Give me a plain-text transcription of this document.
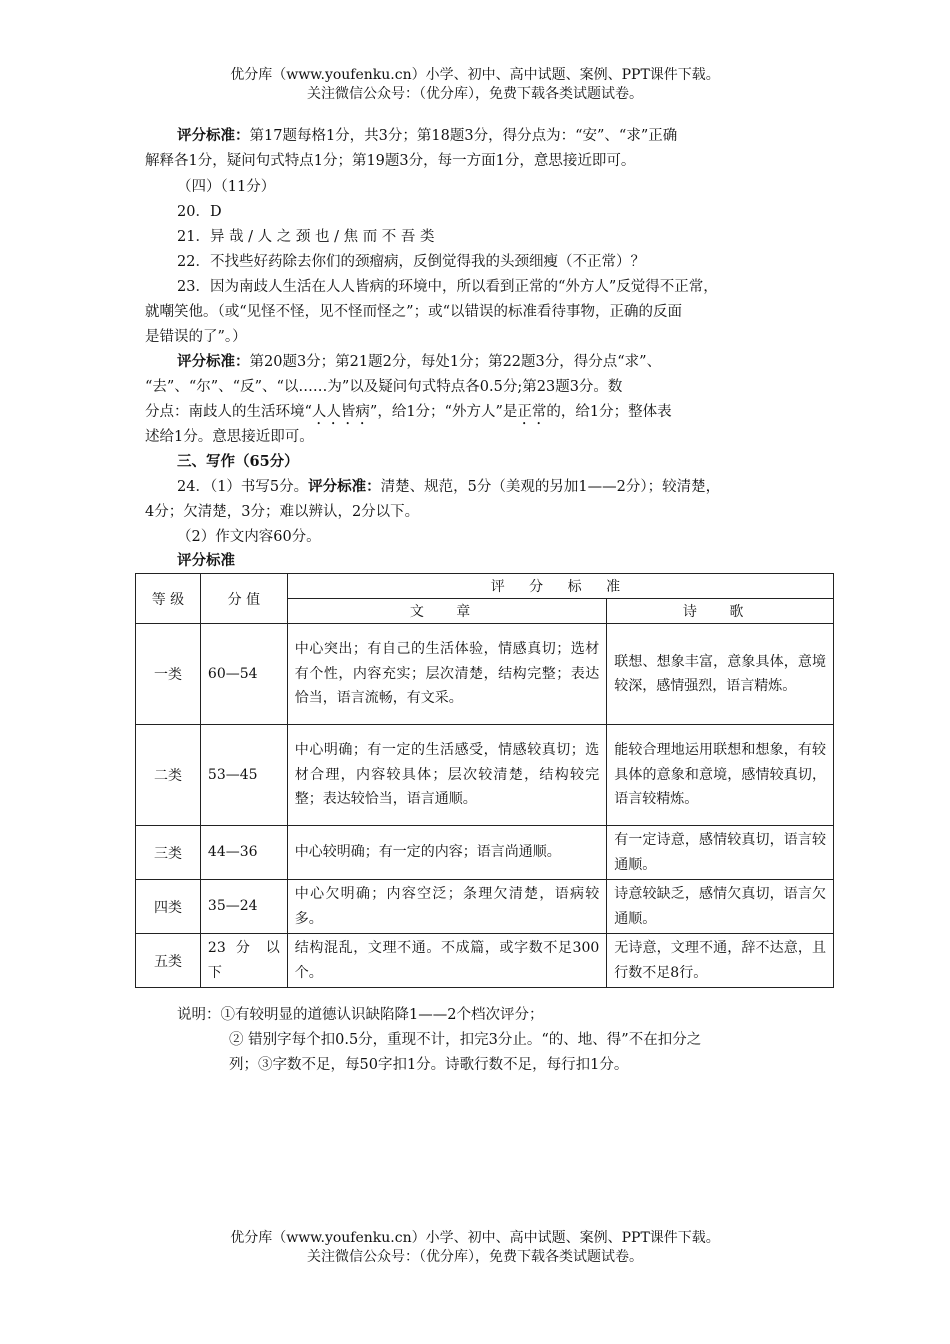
优分库（www.youfenku.cn）小学、初中、高中试题、案例、PPT课件下载。
关注微信公众号：（优分库），免费下载各类试题试卷。
评分标准：第17题每格1分，共3分；第18题3分，得分点为：“安”、“求”正确
解释各1分，疑问句式特点1分；第19题3分，每一方面1分，意思接近即可。
（四）（11分）
20．D
21．异 哉 / 人 之 颈 也 / 焦 而 不 吾 类
22．不找些好药除去你们的颈瘤病，反倒觉得我的头颈细瘦（不正常）？
23．因为南歧人生活在人人皆病的环境中，所以看到正常的“外方人”反觉得不正常，
就嘲笑他。（或“见怪不怪，见不怪而怪之”；或“以错误的标准看待事物，正确的反面
是错误的了”。）
评分标准：第20题3分；第21题2分，每处1分；第22题3分，得分点“求”、
“去”、“尔”、“反”、“以……为”以及疑问句式特点各0.5分;第23题3分。数
分点：南歧人的生活环境“人人皆病”，给1分；“外方人”是正常的，给1分；整体表
述给1分。意思接近即可。
三、写作（65分）
24．（1）书写5分。评分标准：清楚、规范，5分（美观的另加1——2分）；较清楚，
4分；欠清楚，3分；难以辨认，2分以下。
（2）作文内容60分。
评分标准
等 级	分 值	评 分 标 准	
		文 章	诗 歌
一类	60—54	中心突出；有自己的生活体验，情感真切；选材有个性，内容充实；层次清楚，结构完整；表达恰当，语言流畅，有文采。	联想、想象丰富，意象具体，意境较深，感情强烈，语言精炼。
二类	53—45	中心明确；有一定的生活感受，情感较真切；选材合理，内容较具体；层次较清楚，结构较完整；表达较恰当，语言通顺。	能较合理地运用联想和想象，有较具体的意象和意境，感情较真切，语言较精炼。
三类	44—36	中心较明确；有一定的内容；语言尚通顺。	有一定诗意，感情较真切，语言较通顺。
四类	35—24	中心欠明确；内容空泛；条理欠清楚，语病较多。	诗意较缺乏，感情欠真切，语言欠通顺。
五类	23 分 以 下	结构混乱，文理不通。不成篇，或字数不足300个。	无诗意，文理不通，辞不达意，且行数不足8行。
说明：①有较明显的道德认识缺陷降1——2个档次评分；
② 错别字每个扣0.5分，重现不计，扣完3分止。“的、地、得”不在扣分之
列；③字数不足，每50字扣1分。诗歌行数不足，每行扣1分。
优分库（www.youfenku.cn）小学、初中、高中试题、案例、PPT课件下载。
关注微信公众号：（优分库），免费下载各类试题试卷。
